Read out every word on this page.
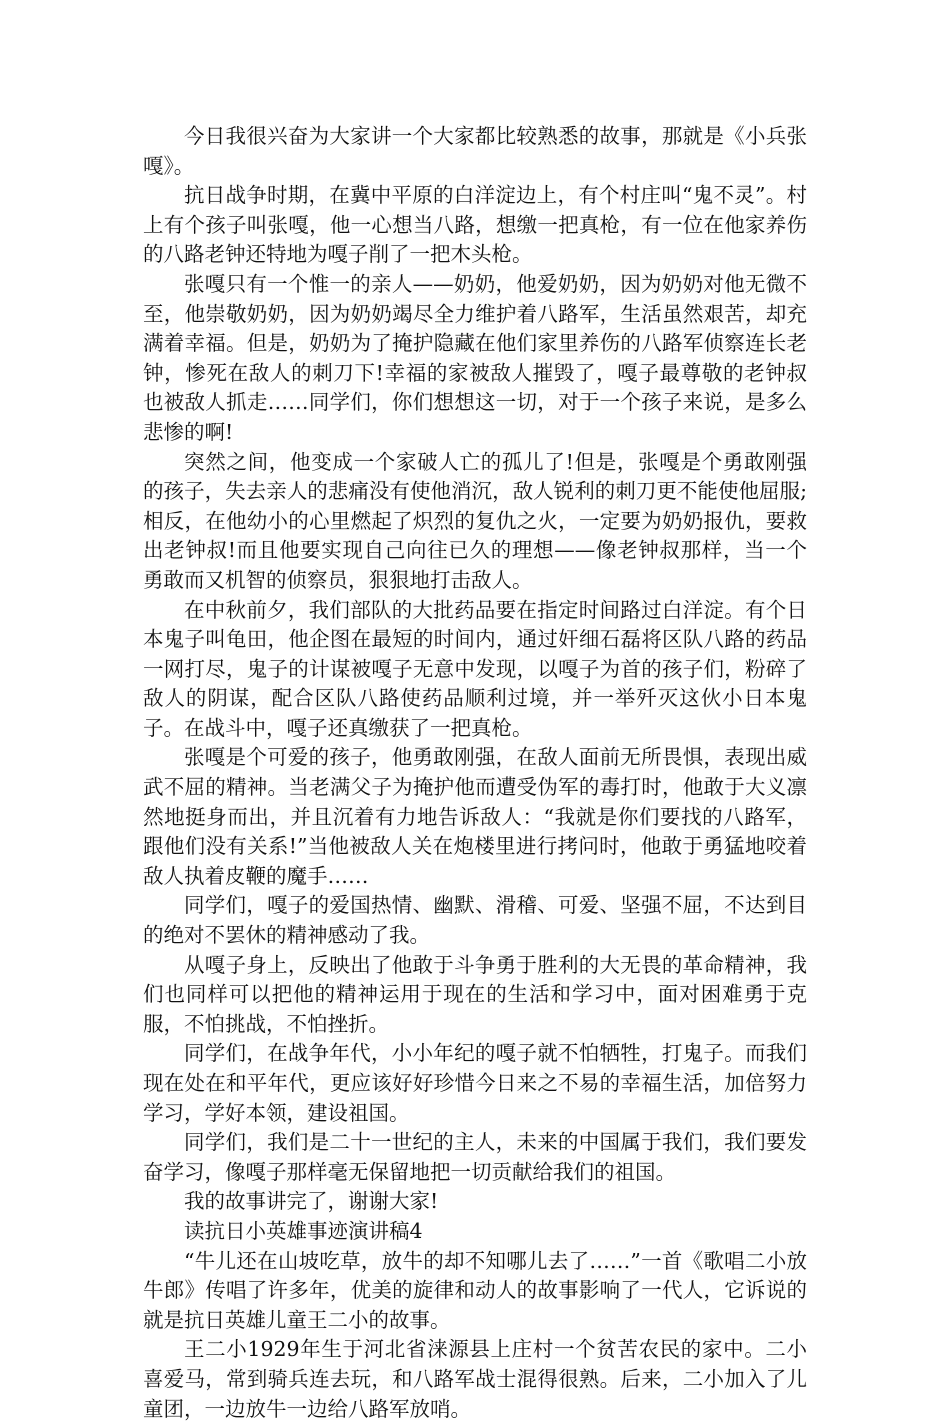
今日我很兴奋为大家讲一个大家都比较熟悉的故事，那就是《小兵张嘎》。

抗日战争时期，在冀中平原的白洋淀边上，有个村庄叫“鬼不灵”。村上有个孩子叫张嘎，他一心想当八路，想缴一把真枪，有一位在他家养伤的八路老钟还特地为嘎子削了一把木头枪。

张嘎只有一个惟一的亲人——奶奶，他爱奶奶，因为奶奶对他无微不至，他崇敬奶奶，因为奶奶竭尽全力维护着八路军，生活虽然艰苦，却充满着幸福。但是，奶奶为了掩护隐藏在他们家里养伤的八路军侦察连长老钟，惨死在敌人的刺刀下!幸福的家被敌人摧毁了，嘎子最尊敬的老钟叔也被敌人抓走……同学们，你们想想这一切，对于一个孩子来说，是多么悲惨的啊!

突然之间，他变成一个家破人亡的孤儿了!但是，张嘎是个勇敢刚强的孩子，失去亲人的悲痛没有使他消沉，敌人锐利的刺刀更不能使他屈服;相反，在他幼小的心里燃起了炽烈的复仇之火，一定要为奶奶报仇，要救出老钟叔!而且他要实现自己向往已久的理想——像老钟叔那样，当一个勇敢而又机智的侦察员，狠狠地打击敌人。

在中秋前夕，我们部队的大批药品要在指定时间路过白洋淀。有个日本鬼子叫龟田，他企图在最短的时间内，通过奸细石磊将区队八路的药品一网打尽，鬼子的计谋被嘎子无意中发现，以嘎子为首的孩子们，粉碎了敌人的阴谋，配合区队八路使药品顺利过境，并一举歼灭这伙小日本鬼子。在战斗中，嘎子还真缴获了一把真枪。

张嘎是个可爱的孩子，他勇敢刚强，在敌人面前无所畏惧，表现出威武不屈的精神。当老满父子为掩护他而遭受伪军的毒打时，他敢于大义凛然地挺身而出，并且沉着有力地告诉敌人：“我就是你们要找的八路军，跟他们没有关系!”当他被敌人关在炮楼里进行拷问时，他敢于勇猛地咬着敌人执着皮鞭的魔手……

同学们，嘎子的爱国热情、幽默、滑稽、可爱、坚强不屈，不达到目的绝对不罢休的精神感动了我。

从嘎子身上，反映出了他敢于斗争勇于胜利的大无畏的革命精神，我们也同样可以把他的精神运用于现在的生活和学习中，面对困难勇于克服，不怕挑战，不怕挫折。

同学们，在战争年代，小小年纪的嘎子就不怕牺牲，打鬼子。而我们现在处在和平年代，更应该好好珍惜今日来之不易的幸福生活，加倍努力学习，学好本领，建设祖国。

同学们，我们是二十一世纪的主人，未来的中国属于我们，我们要发奋学习，像嘎子那样毫无保留地把一切贡献给我们的祖国。

我的故事讲完了，谢谢大家!

读抗日小英雄事迹演讲稿4

“牛儿还在山坡吃草，放牛的却不知哪儿去了……”一首《歌唱二小放牛郎》传唱了许多年，优美的旋律和动人的故事影响了一代人，它诉说的就是抗日英雄儿童王二小的故事。

王二小1929年生于河北省涞源县上庄村一个贫苦农民的家中。二小喜爱马，常到骑兵连去玩，和八路军战士混得很熟。后来，二小加入了儿童团，一边放牛一边给八路军放哨。
